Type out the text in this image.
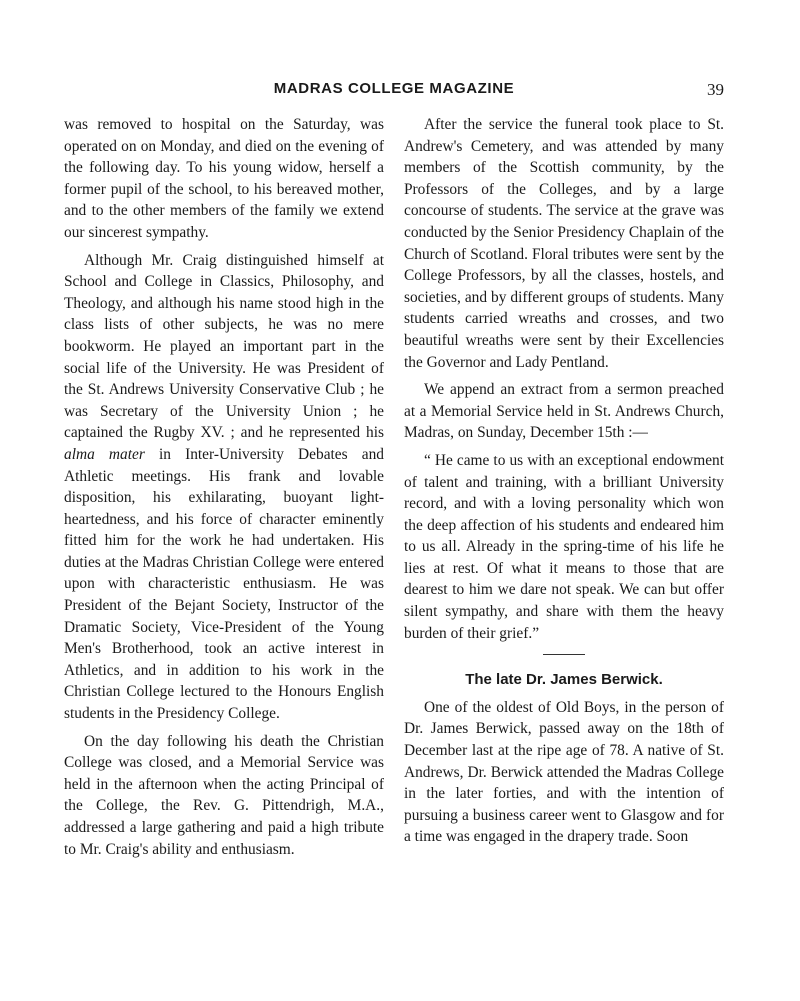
MADRAS COLLEGE MAGAZINE	39

was removed to hospital on the Saturday, was operated on on Monday, and died on the evening of the following day. To his young widow, herself a former pupil of the school, to his bereaved mother, and to the other members of the family we extend our sincerest sympathy.

Although Mr. Craig distinguished himself at School and College in Classics, Philosophy, and Theology, and although his name stood high in the class lists of other subjects, he was no mere bookworm. He played an important part in the social life of the University. He was President of the St. Andrews University Conservative Club ; he was Secretary of the University Union ; he captained the Rugby XV. ; and he represented his alma mater in Inter-University Debates and Athletic meetings. His frank and lovable disposition, his exhilarating, buoyant light-heartedness, and his force of character eminently fitted him for the work he had undertaken. His duties at the Madras Christian College were entered upon with characteristic enthusiasm. He was President of the Bejant Society, Instructor of the Dramatic Society, Vice-President of the Young Men's Brotherhood, took an active interest in Athletics, and in addition to his work in the Christian College lectured to the Honours English students in the Presidency College.

On the day following his death the Christian College was closed, and a Memorial Service was held in the afternoon when the acting Principal of the College, the Rev. G. Pittendrigh, M.A., addressed a large gathering and paid a high tribute to Mr. Craig's ability and enthusiasm.

After the service the funeral took place to St. Andrew's Cemetery, and was attended by many members of the Scottish community, by the Professors of the Colleges, and by a large concourse of students. The service at the grave was conducted by the Senior Presidency Chaplain of the Church of Scotland. Floral tributes were sent by the College Professors, by all the classes, hostels, and societies, and by different groups of students. Many students carried wreaths and crosses, and two beautiful wreaths were sent by their Excellencies the Governor and Lady Pentland.

We append an extract from a sermon preached at a Memorial Service held in St. Andrews Church, Madras, on Sunday, December 15th :—

“ He came to us with an exceptional endowment of talent and training, with a brilliant University record, and with a loving personality which won the deep affection of his students and endeared him to us all. Already in the spring-time of his life he lies at rest. Of what it means to those that are dearest to him we dare not speak. We can but offer silent sympathy, and share with them the heavy burden of their grief.”

The late Dr. James Berwick.

One of the oldest of Old Boys, in the person of Dr. James Berwick, passed away on the 18th of December last at the ripe age of 78. A native of St. Andrews, Dr. Berwick attended the Madras College in the later forties, and with the intention of pursuing a business career went to Glasgow and for a time was engaged in the drapery trade. Soon
